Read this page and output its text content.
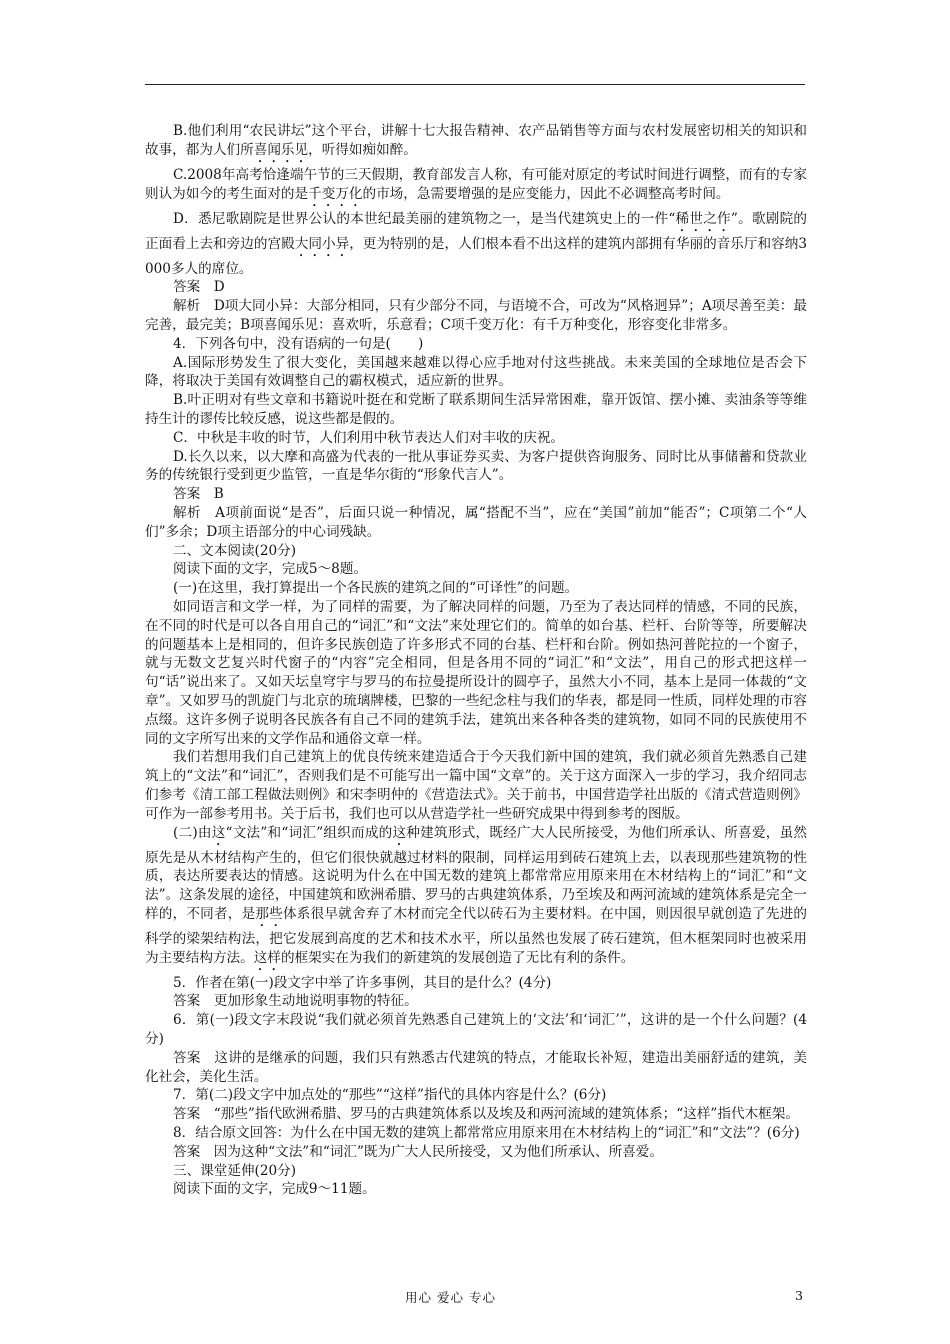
B.他们利用“农民讲坛”这个平台，讲解十七大报告精神、农产品销售等方面与农村发展密切相关的知识和故事，都为人们所喜闻乐见，听得如痴如醉。

C.2008年高考恰逢端午节的三天假期，教育部发言人称，有可能对原定的考试时间进行调整，而有的专家则认为如今的考生面对的是千变万化的市场，急需要增强的是应变能力，因此不必调整高考时间。

D．悉尼歌剧院是世界公认的本世纪最美丽的建筑物之一，是当代建筑史上的一件“稀世之作”。歌剧院的正面看上去和旁边的宫殿大同小异，更为特别的是，人们根本看不出这样的建筑内部拥有华丽的音乐厅和容纳3 000多人的席位。

答案　D

解析　D项大同小异：大部分相同，只有少部分不同，与语境不合，可改为“风格迥异”；A项尽善至美：最完善，最完美；B项喜闻乐见：喜欢听，乐意看；C项千变万化：有千万种变化，形容变化非常多。

4．下列各句中，没有语病的一句是(　　)

A.国际形势发生了很大变化，美国越来越难以得心应手地对付这些挑战。未来美国的全球地位是否会下降，将取决于美国有效调整自己的霸权模式，适应新的世界。

B.叶正明对有些文章和书籍说叶挺在和党断了联系期间生活异常困难，靠开饭馆、摆小摊、卖油条等等维持生计的谬传比较反感，说这些都是假的。

C．中秋是丰收的时节，人们利用中秋节表达人们对丰收的庆祝。

D.长久以来，以大摩和高盛为代表的一批从事证券买卖、为客户提供咨询服务、同时比从事储蓄和贷款业务的传统银行受到更少监管，一直是华尔街的“形象代言人”。

答案　B

解析　A项前面说“是否”，后面只说一种情况，属“搭配不当”，应在“美国”前加“能否”；C项第二个“人们”多余；D项主语部分的中心词残缺。

二、文本阅读(20分)

阅读下面的文字，完成5～8题。

(一)在这里，我打算提出一个各民族的建筑之间的“可译性”的问题。

如同语言和文学一样，为了同样的需要，为了解决同样的问题，乃至为了表达同样的情感，不同的民族，在不同的时代是可以各自用自己的“词汇”和“文法”来处理它们的。简单的如台基、栏杆、台阶等等，所要解决的问题基本上是相同的，但许多民族创造了许多形式不同的台基、栏杆和台阶。例如热河普陀拉的一个窗子，就与无数文艺复兴时代窗子的“内容”完全相同，但是各用不同的“词汇”和“文法”，用自己的形式把这样一句“话”说出来了。又如天坛皇穹宇与罗马的布拉曼提所设计的圆亭子，虽然大小不同，基本上是同一体裁的“文章”。又如罗马的凯旋门与北京的琉璃牌楼，巴黎的一些纪念柱与我们的华表，都是同一性质，同样处理的市容点缀。这许多例子说明各民族各有自己不同的建筑手法，建筑出来各种各类的建筑物，如同不同的民族使用不同的文字所写出来的文学作品和通俗文章一样。

我们若想用我们自己建筑上的优良传统来建造适合于今天我们新中国的建筑，我们就必须首先熟悉自己建筑上的“文法”和“词汇”，否则我们是不可能写出一篇中国“文章”的。关于这方面深入一步的学习，我介绍同志们参考《清工部工程做法则例》和宋李明仲的《营造法式》。关于前书，中国营造学社出版的《清式营造则例》可作为一部参考用书。关于后书，我们也可以从营造学社一些研究成果中得到参考的图版。

(二)由这“文法”和“词汇”组织而成的这种建筑形式，既经广大人民所接受，为他们所承认、所喜爱，虽然原先是从木材结构产生的，但它们很快就越过材料的限制，同样运用到砖石建筑上去，以表现那些建筑物的性质，表达所要表达的情感。这说明为什么在中国无数的建筑上都常常应用原来用在木材结构上的“词汇”和“文法”。这条发展的途径，中国建筑和欧洲希腊、罗马的古典建筑体系，乃至埃及和两河流域的建筑体系是完全一样的，不同者，是那些体系很早就舍弃了木材而完全代以砖石为主要材料。在中国，则因很早就创造了先进的科学的梁架结构法，把它发展到高度的艺术和技术水平，所以虽然也发展了砖石建筑，但木框架同时也被采用为主要结构方法。这样的框架实在为我们的新建筑的发展创造了无比有利的条件。

5．作者在第(一)段文字中举了许多事例，其目的是什么？(4分)

答案　更加形象生动地说明事物的特征。

6．第(一)段文字末段说“我们就必须首先熟悉自己建筑上的‘文法’和‘词汇’”，这讲的是一个什么问题？(4分)

答案　这讲的是继承的问题，我们只有熟悉古代建筑的特点，才能取长补短，建造出美丽舒适的建筑，美化社会，美化生活。

7．第(二)段文字中加点处的“那些”“这样”指代的具体内容是什么？(6分)

答案　“那些”指代欧洲希腊、罗马的古典建筑体系以及埃及和两河流域的建筑体系；“这样”指代木框架。

8．结合原文回答：为什么在中国无数的建筑上都常常应用原来用在木材结构上的“词汇”和“文法”？(6分)

答案　因为这种“文法”和“词汇”既为广大人民所接受，又为他们所承认、所喜爱。

三、课堂延伸(20分)

阅读下面的文字，完成9～11题。

用心 爱心 专心	3
